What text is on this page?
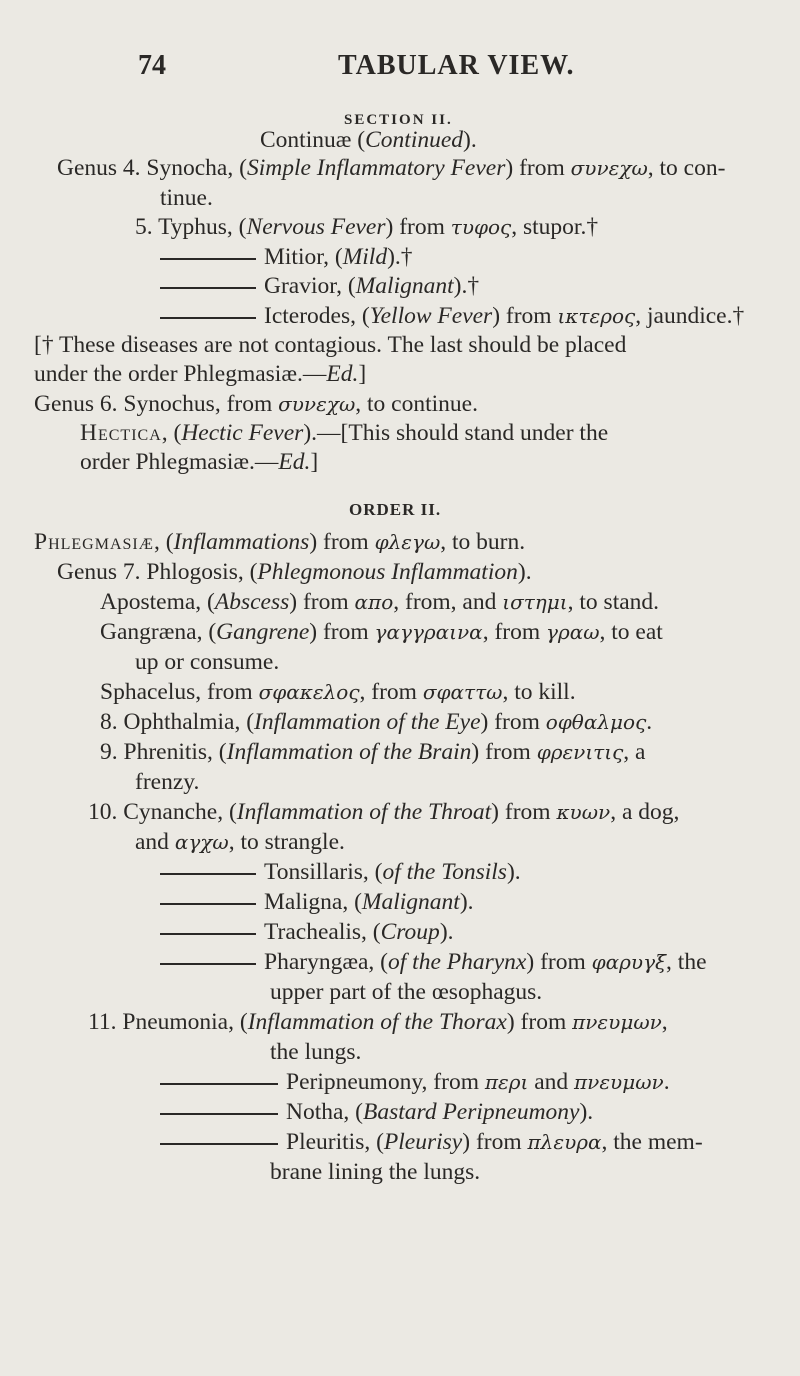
74	TABULAR VIEW.
SECTION II.
Continuæ (Continued).
Genus 4. Synocha, (Simple Inflammatory Fever) from συνεχω, to con-
tinue.
5. Typhus, (Nervous Fever) from τυφος, stupor.†
Mitior, (Mild).†
Gravior, (Malignant).†
Icterodes, (Yellow Fever) from ικτερος, jaundice.†
[† These diseases are not contagious. The last should be placed
under the order Phlegmasiæ.—Ed.]
Genus 6. Synochus, from συνεχω, to continue.
Hectica, (Hectic Fever).—[This should stand under the
order Phlegmasiæ.—Ed.]
ORDER II.
Phlegmasiæ, (Inflammations) from φλεγω, to burn.
Genus 7. Phlogosis, (Phlegmonous Inflammation).
Apostema, (Abscess) from απο, from, and ιστημι, to stand.
Gangræna, (Gangrene) from γαγγραινα, from γραω, to eat
up or consume.
Sphacelus, from σφακελος, from σφαττω, to kill.
8. Ophthalmia, (Inflammation of the Eye) from οφθαλμος.
9. Phrenitis, (Inflammation of the Brain) from φρενιτις, a
frenzy.
10. Cynanche, (Inflammation of the Throat) from κυων, a dog,
and αγχω, to strangle.
Tonsillaris, (of the Tonsils).
Maligna, (Malignant).
Trachealis, (Croup).
Pharyngæa, (of the Pharynx) from φαρυγξ, the
upper part of the œsophagus.
11. Pneumonia, (Inflammation of the Thorax) from πνευμων,
the lungs.
Peripneumony, from περι and πνευμων.
Notha, (Bastard Peripneumony).
Pleuritis, (Pleurisy) from πλευρα, the mem-
brane lining the lungs.
